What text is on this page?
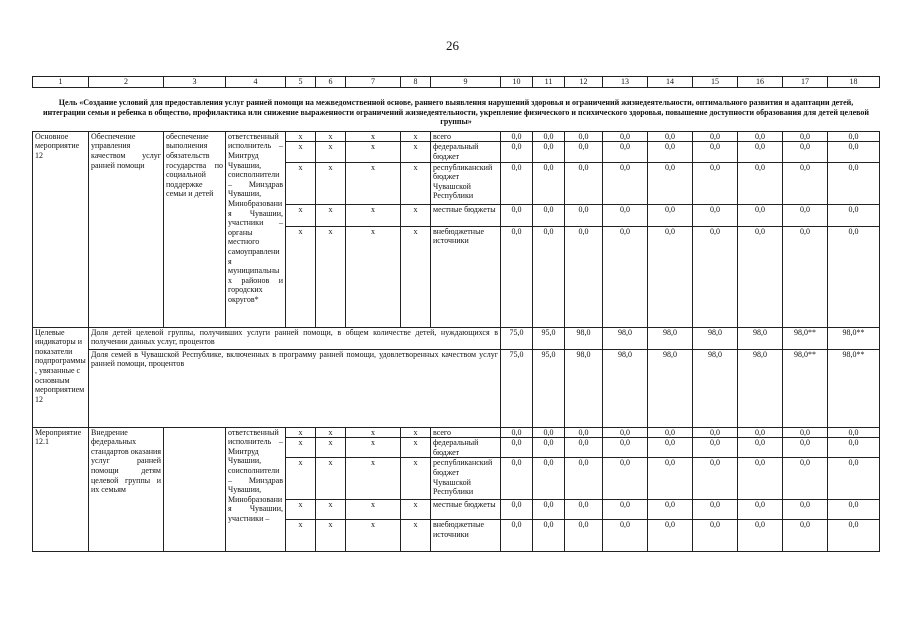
26
1	2	3	4	5	6	7	8	9	10	11	12	13	14	15	16	17	18
Цель «Создание условий для предоставления услуг ранней помощи на межведомственной основе, раннего выявления нарушений здоровья и ограничений жизнедеятельности, оптимального развития и адаптации детей, интеграции семьи и ребенка в общество, профилактика или снижение выраженности ограничений жизнедеятельности, укрепление физического и психического здоровья, повышение доступности образования для детей целевой группы»																	
Основное мероприятие 12	Обеспечение управления качеством услуг ранней помощи	обеспечение выполнения обязательств государства по социальной поддержке семьи и детей	ответственный исполнитель – Минтруд Чувашии, соисполнители – Минздрав Чувашии, Минобразования Чувашии, участники – органы местного самоуправления муниципальных районов и городских округов*	x	x	x	x	всего	0,0	0,0	0,0	0,0	0,0	0,0	0,0	0,0	0,0
				x	x	x	x	федеральный бюджет	0,0	0,0	0,0	0,0	0,0	0,0	0,0	0,0	0,0
				x	x	x	x	республиканский бюджет Чувашской Республики	0,0	0,0	0,0	0,0	0,0	0,0	0,0	0,0	0,0
				x	x	x	x	местные бюджеты	0,0	0,0	0,0	0,0	0,0	0,0	0,0	0,0	0,0
				x	x	x	x	внебюджетные источники	0,0	0,0	0,0	0,0	0,0	0,0	0,0	0,0	0,0
Целевые индикаторы и показатели подпрограммы, увязанные с основным мероприятием 12	Доля детей целевой группы, получивших услуги ранней помощи, в общем количестве детей, нуждающихся в получении данных услуг, процентов								75,0	95,0	98,0	98,0	98,0	98,0	98,0	98,0**	98,0**
	Доля семей в Чувашской Республике, включенных в программу ранней помощи, удовлетворенных качеством услуг ранней помощи, процентов								75,0	95,0	98,0	98,0	98,0	98,0	98,0	98,0**	98,0**
Мероприятие 12.1	Внедрение федеральных стандартов оказания услуг ранней помощи детям целевой группы и их семьям		ответственный исполнитель – Минтруд Чувашии, соисполнители – Минздрав Чувашии, Минобразования Чувашии, участники –	x	x	x	x	всего	0,0	0,0	0,0	0,0	0,0	0,0	0,0	0,0	0,0
				x	x	x	x	федеральный бюджет	0,0	0,0	0,0	0,0	0,0	0,0	0,0	0,0	0,0
				x	x	x	x	республиканский бюджет Чувашской Республики	0,0	0,0	0,0	0,0	0,0	0,0	0,0	0,0	0,0
				x	x	x	x	местные бюджеты	0,0	0,0	0,0	0,0	0,0	0,0	0,0	0,0	0,0
				x	x	x	x	внебюджетные источники	0,0	0,0	0,0	0,0	0,0	0,0	0,0	0,0	0,0
